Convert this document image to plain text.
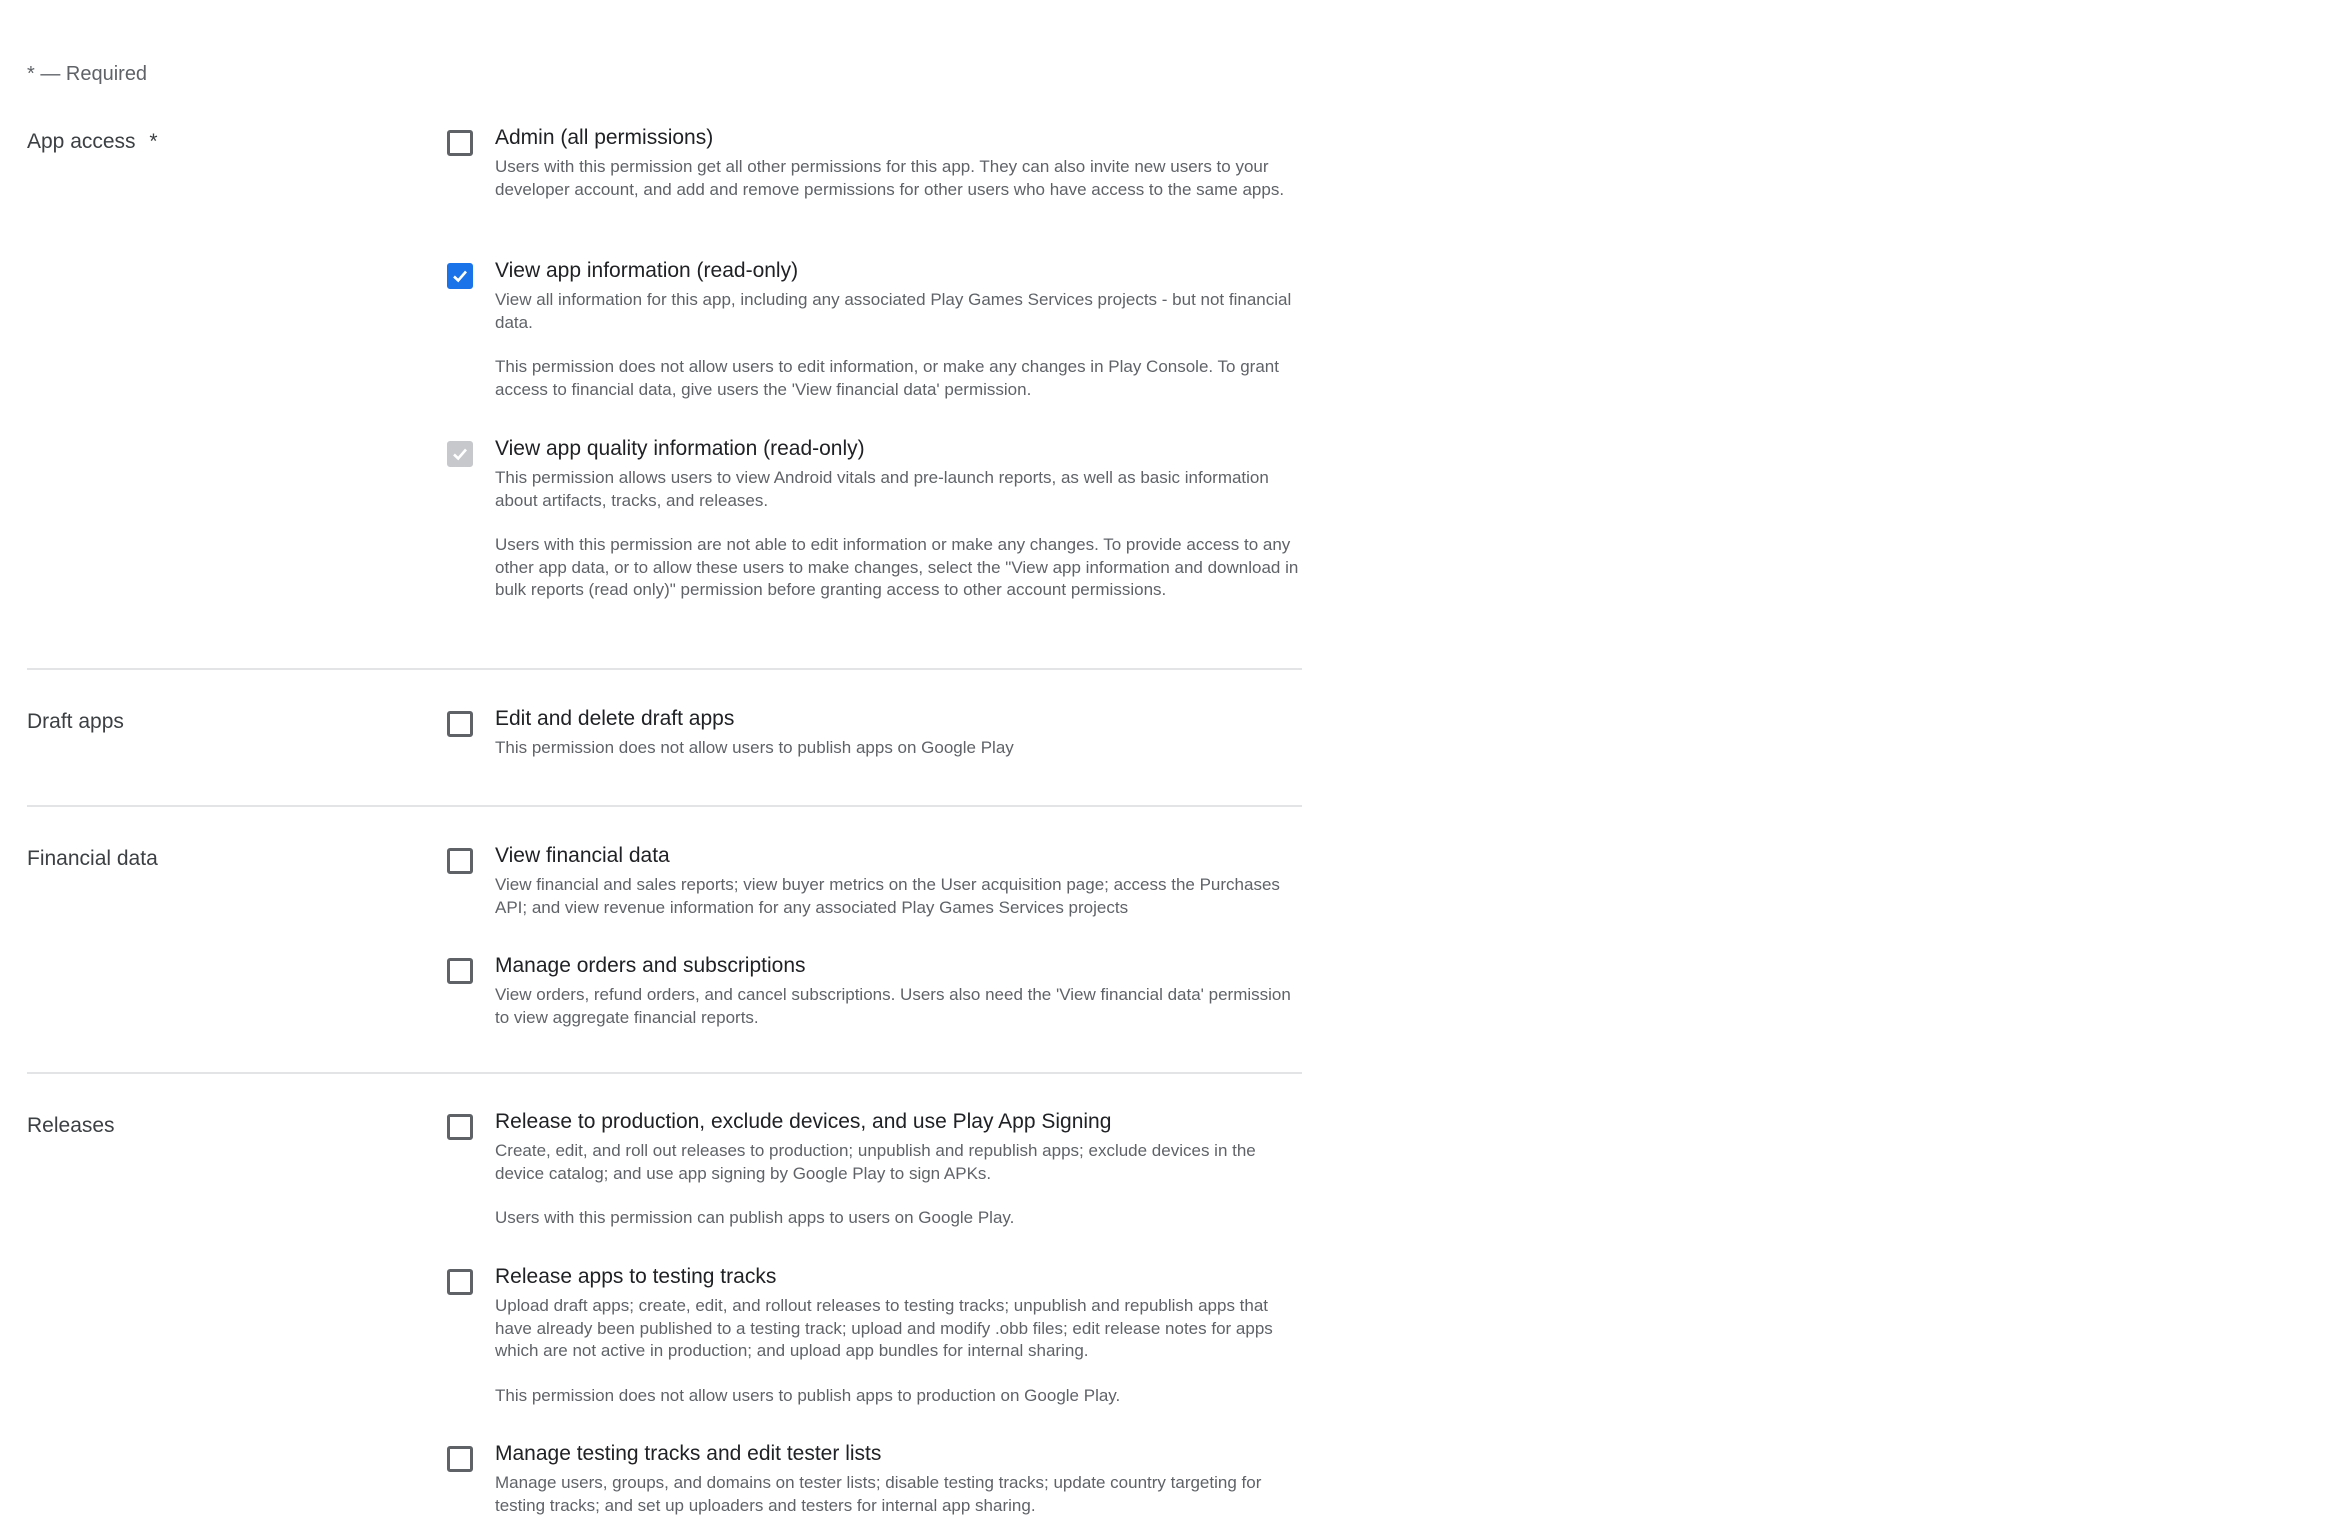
* — Required
App access *	Admin (all permissions)

Users with this permission get all other permissions for this app. They can also invite new users to your developer account, and add and remove permissions for other users who have access to the same apps.

View app information (read-only)

View all information for this app, including any associated Play Games Services projects - but not financial data.

This permission does not allow users to edit information, or make any changes in Play Console. To grant access to financial data, give users the 'View financial data' permission.

View app quality information (read-only)

This permission allows users to view Android vitals and pre-launch reports, as well as basic information about artifacts, tracks, and releases.

Users with this permission are not able to edit information or make any changes. To provide access to any other app data, or to allow these users to make changes, select the "View app information and download in bulk reports (read only)" permission before granting access to other account permissions.

Draft apps	Edit and delete draft apps

This permission does not allow users to publish apps on Google Play

Financial data	View financial data

View financial and sales reports; view buyer metrics on the User acquisition page; access the Purchases API; and view revenue information for any associated Play Games Services projects

Manage orders and subscriptions

View orders, refund orders, and cancel subscriptions. Users also need the 'View financial data' permission to view aggregate financial reports.

Releases	Release to production, exclude devices, and use Play App Signing

Create, edit, and roll out releases to production; unpublish and republish apps; exclude devices in the device catalog; and use app signing by Google Play to sign APKs.

Users with this permission can publish apps to users on Google Play.

Release apps to testing tracks

Upload draft apps; create, edit, and rollout releases to testing tracks; unpublish and republish apps that have already been published to a testing track; upload and modify .obb files; edit release notes for apps which are not active in production; and upload app bundles for internal sharing.

This permission does not allow users to publish apps to production on Google Play.

Manage testing tracks and edit tester lists

Manage users, groups, and domains on tester lists; disable testing tracks; update country targeting for testing tracks; and set up uploaders and testers for internal app sharing.
